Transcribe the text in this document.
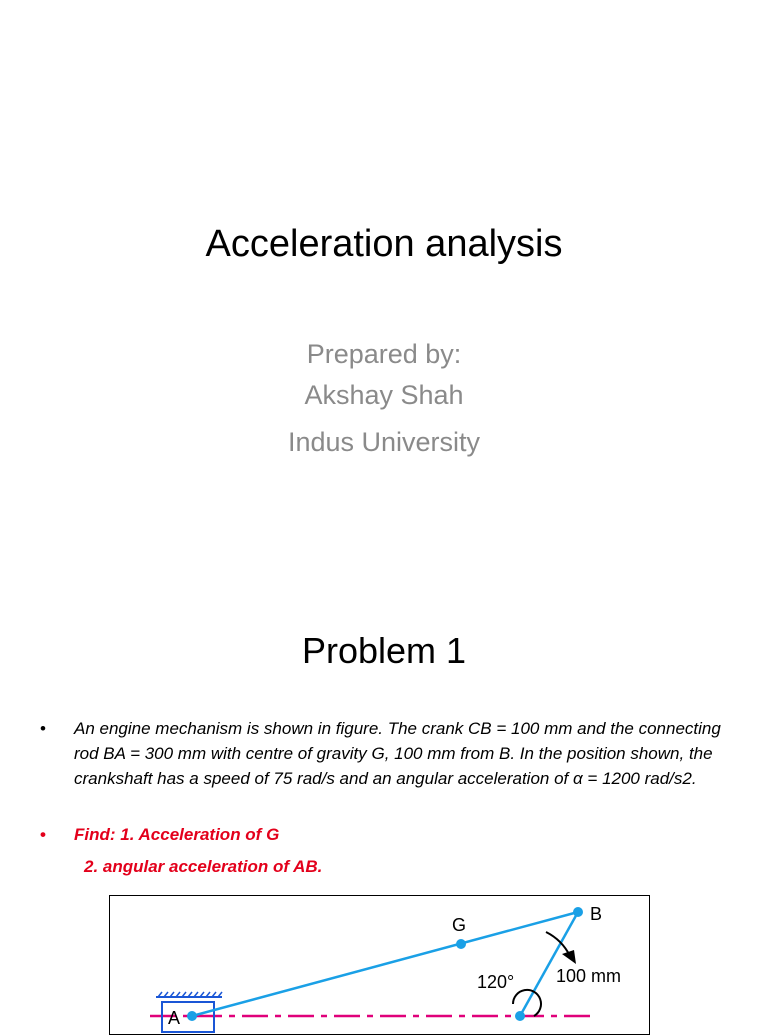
Acceleration analysis
Prepared by:
Akshay Shah
Indus University
Problem 1
• An engine mechanism is shown in figure. The crank CB = 100 mm and the connecting rod BA = 300 mm with centre of gravity G, 100 mm from B. In the position shown, the crankshaft has a speed of 75 rad/s and an angular acceleration of α = 1200 rad/s2.
• Find: 1. Acceleration of G
2. angular acceleration of AB.
A
G
B
120° 100 mm
